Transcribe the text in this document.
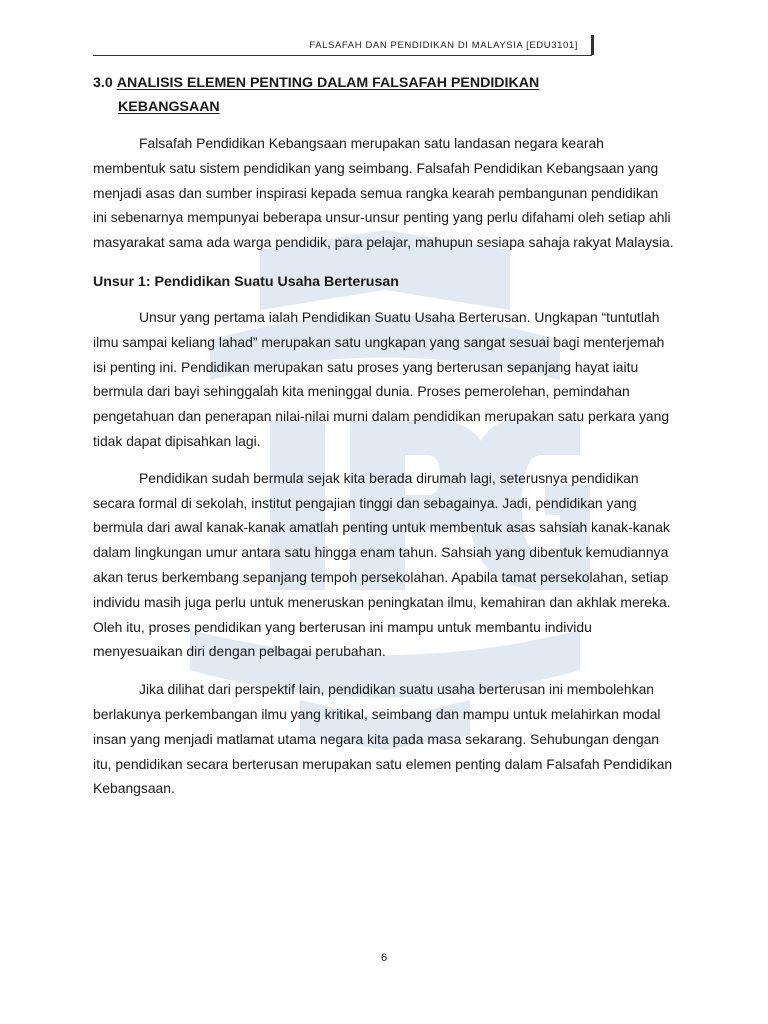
FALSAFAH DAN PENDIDIKAN DI MALAYSIA [EDU3101]
3.0 ANALISIS ELEMEN PENTING DALAM FALSAFAH PENDIDIKAN
KEBANGSAAN

Falsafah Pendidikan Kebangsaan merupakan satu landasan negara kearah membentuk satu sistem pendidikan yang seimbang. Falsafah Pendidikan Kebangsaan yang menjadi asas dan sumber inspirasi kepada semua rangka kearah pembangunan pendidikan ini sebenarnya mempunyai beberapa unsur-unsur penting yang perlu difahami oleh setiap ahli masyarakat sama ada warga pendidik, para pelajar, mahupun sesiapa sahaja rakyat Malaysia.

Unsur 1: Pendidikan Suatu Usaha Berterusan

Unsur yang pertama ialah Pendidikan Suatu Usaha Berterusan. Ungkapan “tuntutlah ilmu sampai keliang lahad” merupakan satu ungkapan yang sangat sesuai bagi menterjemah isi penting ini. Pendidikan merupakan satu proses yang berterusan sepanjang hayat iaitu bermula dari bayi sehinggalah kita meninggal dunia. Proses pemerolehan, pemindahan pengetahuan dan penerapan nilai-nilai murni dalam pendidikan merupakan satu perkara yang tidak dapat dipisahkan lagi.

Pendidikan sudah bermula sejak kita berada dirumah lagi, seterusnya pendidikan secara formal di sekolah, institut pengajian tinggi dan sebagainya. Jadi, pendidikan yang bermula dari awal kanak-kanak amatlah penting untuk membentuk asas sahsiah kanak-kanak dalam lingkungan umur antara satu hingga enam tahun. Sahsiah yang dibentuk kemudiannya akan terus berkembang sepanjang tempoh persekolahan. Apabila tamat persekolahan, setiap individu masih juga perlu untuk meneruskan peningkatan ilmu, kemahiran dan akhlak mereka. Oleh itu, proses pendidikan yang berterusan ini mampu untuk membantu individu menyesuaikan diri dengan pelbagai perubahan.

Jika dilihat dari perspektif lain, pendidikan suatu usaha berterusan ini membolehkan berlakunya perkembangan ilmu yang kritikal, seimbang dan mampu untuk melahirkan modal insan yang menjadi matlamat utama negara kita pada masa sekarang. Sehubungan dengan itu, pendidikan secara berterusan merupakan satu elemen penting dalam Falsafah Pendidikan Kebangsaan.

6
